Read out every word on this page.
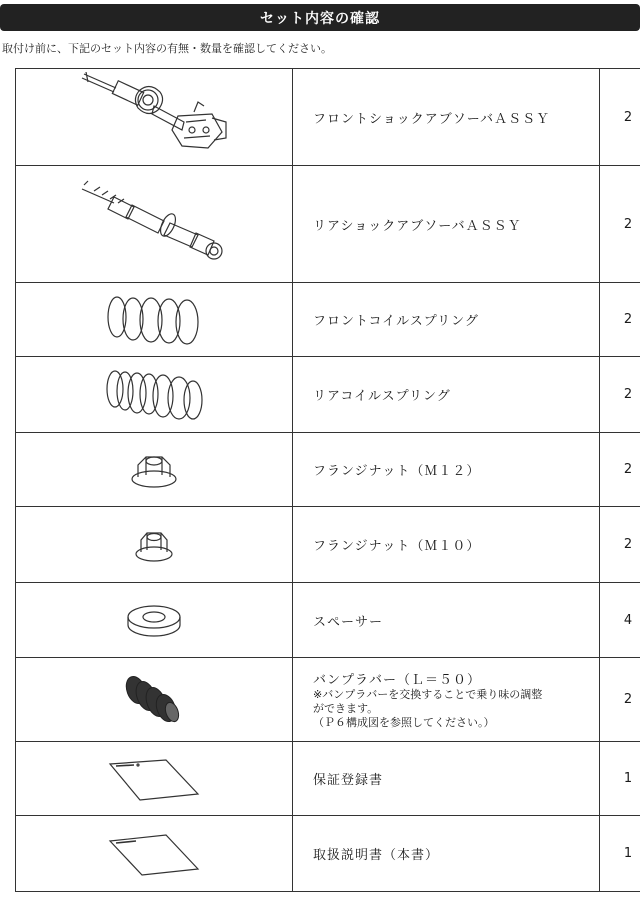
セット内容の確認
取付け前に、下記のセット内容の有無・数量を確認してください。
	フロントショックアブソーバＡＳＳＹ	2

	リアショックアブソーバＡＳＳＹ	2

	フロントコイルスプリング	2

	リアコイルスプリング	2

	フランジナット（Ｍ１２）	2

	フランジナット（Ｍ１０）	2

	スペーサー	4

バンプラバー（Ｌ＝５０）
※バンプラバーを交換することで乗り味の調整
ができます。
（Ｐ６構成図を参照してください。）	2

	保証登録書	1

	取扱説明書（本書）	1
